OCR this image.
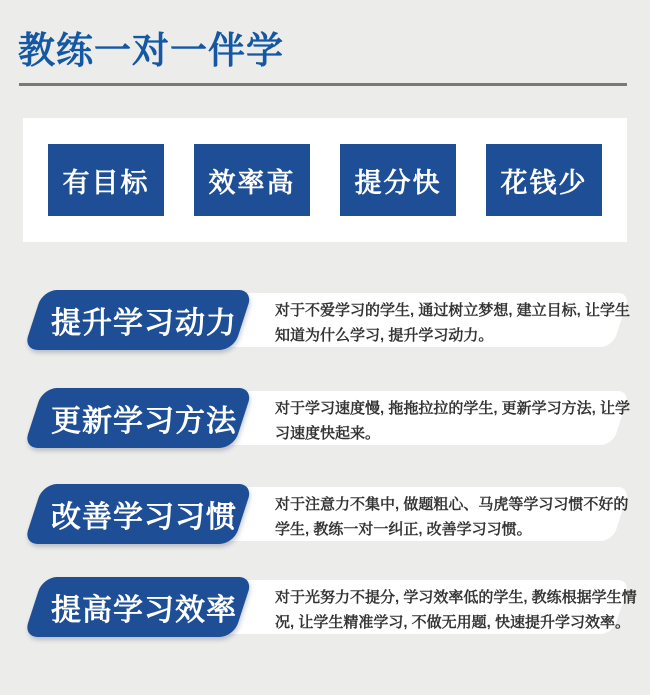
教练一对一伴学
有目标 效率高 提分快 花钱少
提升学习动力	对于不爱学习的学生, 通过树立梦想, 建立目标, 让学生
知道为什么学习, 提升学习动力。
更新学习方法	对于学习速度慢, 拖拖拉拉的学生, 更新学习方法, 让学
习速度快起来。
改善学习习惯	对于注意力不集中, 做题粗心、马虎等学习习惯不好的
学生, 教练一对一纠正, 改善学习习惯。
提高学习效率	对于光努力不提分, 学习效率低的学生, 教练根据学生情
况, 让学生精准学习, 不做无用题, 快速提升学习效率。
